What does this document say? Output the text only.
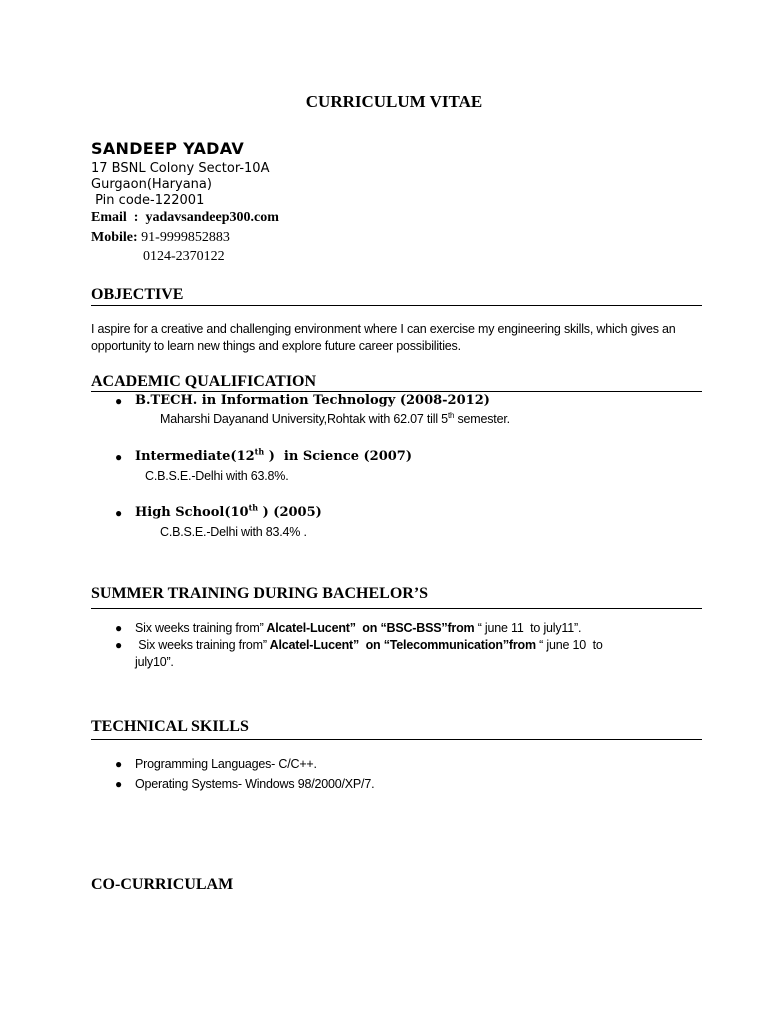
CURRICULUM VITAE
SANDEEP YADAV
17 BSNL Colony Sector-10A
Gurgaon(Haryana)
Pin code-122001
Email  :  yadavsandeep300.com
Mobile: 91-9999852883
0124-2370122
OBJECTIVE
I aspire for a creative and challenging environment where I can exercise my engineering skills, which gives an opportunity to learn new things and explore future career possibilities.
ACADEMIC QUALIFICATION
● B.TECH. in Information Technology (2008-2012)
Maharshi Dayanand University,Rohtak with 62.07 till 5th semester.
● Intermediate(12th )  in Science (2007)
C.B.S.E.-Delhi with 63.8%.
● High School(10th ) (2005)
C.B.S.E.-Delhi with 83.4% .
SUMMER TRAINING DURING BACHELOR’S
● Six weeks training from” Alcatel-Lucent”  on “BSC-BSS’’from “ june 11  to july11”.
● Six weeks training from” Alcatel-Lucent”  on “Telecommunication’’from “ june 10  to
july10”.
TECHNICAL SKILLS
● Programming Languages- C/C++.
● Operating Systems- Windows 98/2000/XP/7.
CO-CURRICULAM
